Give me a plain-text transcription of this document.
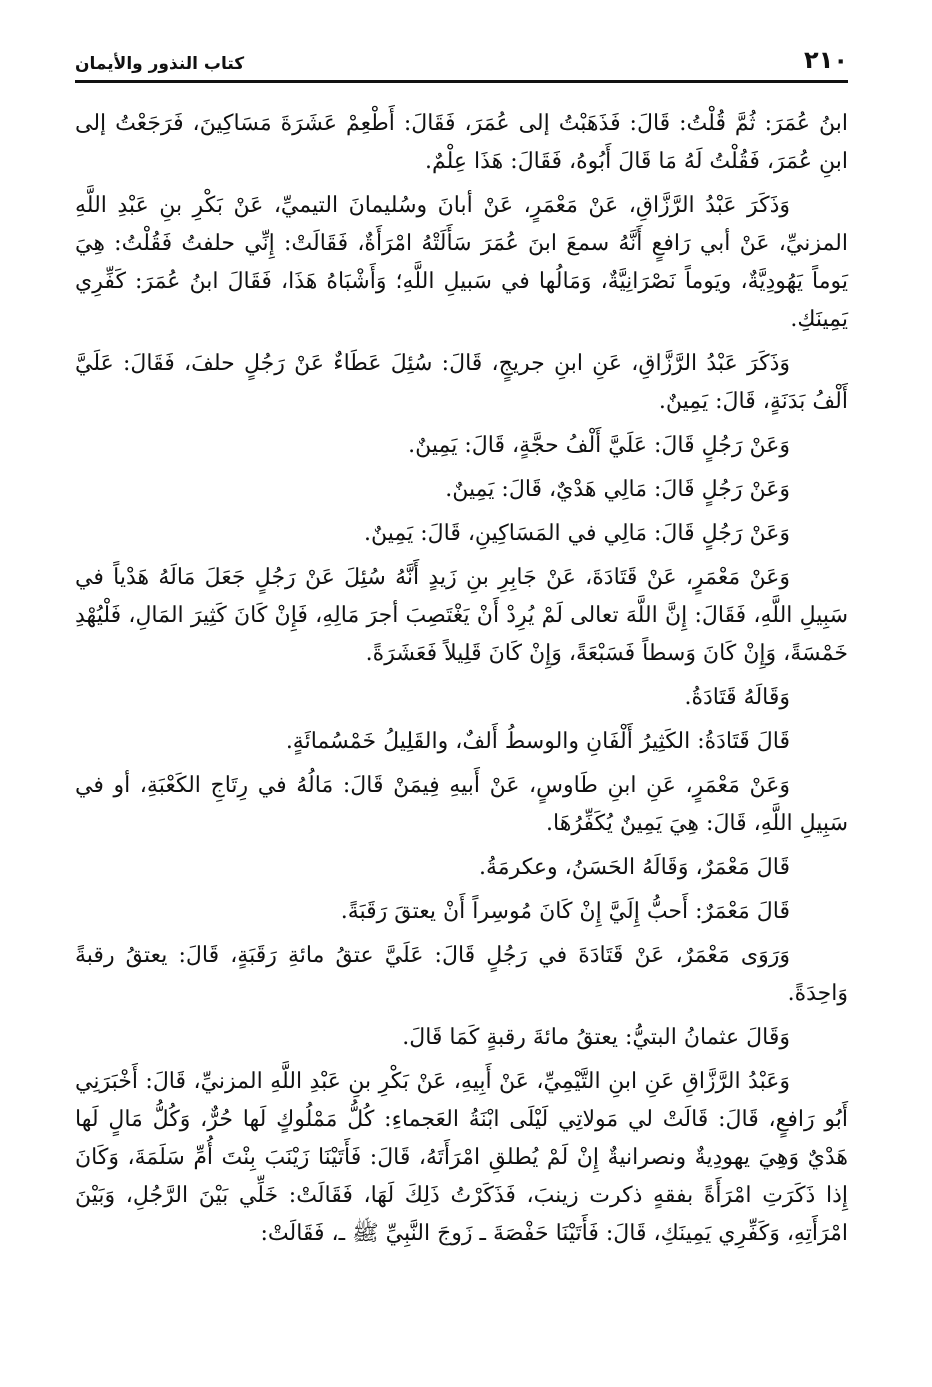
٢١٠
كتاب النذور والأيمان

ابنُ عُمَرَ: ثُمَّ قُلْتُ: قَالَ: فَذَهَبْتُ إلى عُمَرَ، فَقَالَ: أَطْعِمْ عَشَرَةَ مَسَاكِينَ، فَرَجَعْتُ إلى ابنِ عُمَرَ، فَقُلْتُ لَهُ مَا قَالَ أَبُوهُ، فَقَالَ: هَذَا عِلْمٌ.

وَذَكَرَ عَبْدُ الرَّزَّاقِ، عَنْ مَعْمَرٍ، عَنْ أبانَ وسُليمانَ التيميِّ، عَنْ بَكْرِ بنِ عَبْدِ اللَّهِ المزنيِّ، عَنْ أبي رَافعٍ أَنَّهُ سمعَ ابنَ عُمَرَ سَأَلَتْهُ امْرَأَةٌ، فَقَالَتْ: إِنِّي حلفتُ فَقُلْتُ: هِيَ يَوماً يَهُودِيَّةٌ، ويَوماً نَصْرَانِيَّةٌ، وَمَالُها في سَبيلِ اللَّهِ؛ وَأَشْبَاهُ هَذَا، فَقَالَ ابنُ عُمَرَ: كَفِّرِي يَمِينَكِ.

وَذَكَرَ عَبْدُ الرَّزَّاقِ، عَنِ ابنِ جريجٍ، قَالَ: سُئِلَ عَطَاءٌ عَنْ رَجُلٍ حلفَ، فَقَالَ: عَلَيَّ أَلْفُ بَدَنَةٍ، قَالَ: يَمِينٌ.

وَعَنْ رَجُلٍ قَالَ: عَلَيَّ أَلْفُ حجَّةٍ، قَالَ: يَمِينٌ.

وَعَنْ رَجُلٍ قَالَ: مَالِي هَدْيٌ، قَالَ: يَمِينٌ.

وَعَنْ رَجُلٍ قَالَ: مَالِي في المَسَاكِينِ، قَالَ: يَمِينٌ.

وَعَنْ مَعْمَرٍ، عَنْ قَتَادَةَ، عَنْ جَابِرِ بنِ زَيدٍ أَنَّهُ سُئِلَ عَنْ رَجُلٍ جَعَلَ مَالَهُ هَدْياً في سَبِيلِ اللَّهِ، فَقَالَ: إِنَّ اللَّهَ تعالى لَمْ يُرِدْ أَنْ يَغْتَصِبَ أجرَ مَالِهِ، فَإِنْ كَانَ كَثِيرَ المَالِ، فَلْيُهْدِ خَمْسَةً، وَإِنْ كَانَ وَسطاً فَسَبْعَةً، وَإِنْ كَانَ قَلِيلاً فَعَشَرَةً.

وَقَالَهُ قَتَادَةُ.

قَالَ قَتَادَةُ: الكَثِيرُ أَلْفَانِ والوسطُ أَلفٌ، والقَلِيلُ خَمْسُمائَةٍ.

وَعَنْ مَعْمَرٍ، عَنِ ابنِ طَاوسٍ، عَنْ أَبيهِ فِيمَنْ قَالَ: مَالُهُ في رِتَاجِ الكَعْبَةِ، أو في سَبِيلِ اللَّهِ، قَالَ: هِيَ يَمِينٌ يُكَفِّرُهَا.

قَالَ مَعْمَرٌ، وَقَالَهُ الحَسَنُ، وعكرمَةُ.

قَالَ مَعْمَرٌ: أَحبُّ إِلَيَّ إِنْ كَانَ مُوسِراً أَنْ يعتقَ رَقَبَةً.

وَرَوَى مَعْمَرٌ، عَنْ قَتَادَةَ في رَجُلٍ قَالَ: عَلَيَّ عتقُ مائةِ رَقَبَةٍ، قَالَ: يعتقُ رقبةً وَاحِدَةً.

وَقَالَ عثمانُ البتيُّ: يعتقُ مائةَ رقبةٍ كَمَا قَالَ.

وَعَبْدُ الرَّزَّاقِ عَنِ ابنِ التَّيْمِيِّ، عَنْ أَبِيهِ، عَنْ بَكْرِ بنِ عَبْدِ اللَّهِ المزنيِّ، قَالَ: أَخْبَرَنِي أَبُو رَافعٍ، قَالَ: قَالَتْ لي مَولاتِي لَيْلَى ابْنَةُ العَجماءِ: كُلُّ مَمْلُوكٍ لَها حُرٌّ، وَكُلُّ مَالٍ لَها هَدْيٌ وَهِيَ يهودِيةٌ ونصرانيةٌ إِنْ لَمْ يُطلقِ امْرَأَتَهُ، قَالَ: فَأَتَيْنَا زَيْنَبَ بِنْتَ أُمِّ سَلَمَةَ، وَكَانَ إِذا ذَكَرَتِ امْرَأَةً بفقهٍ ذكرت زينبَ، فَذَكَرْتُ ذَلِكَ لَهَا، فَقَالَتْ: خَلِّي بَيْنَ الرَّجُلِ، وَبَيْنَ امْرَأَتِهِ، وَكَفِّرِي يَمِينَكِ، قَالَ: فَأَتَيْنَا حَفْصَةَ ـ زَوجَ النَّبِيِّ ﷺ ـ، فَقَالَتْ:
